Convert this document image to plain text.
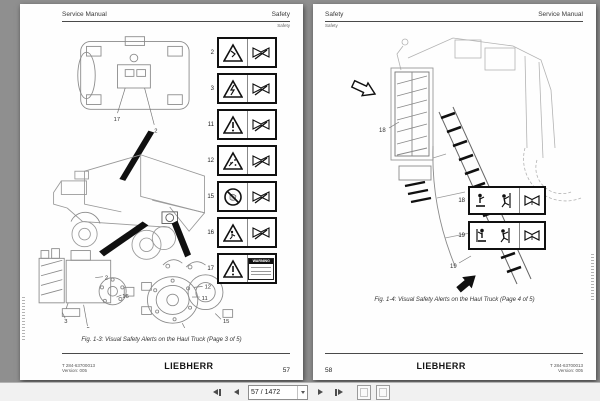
Service Manual	Safety
Safety
17
2
2
16
3
12
11
15
2
3
11
12
15
16
17
WARNING
Fig. 1-3: Visual Safety Alerts on the Haul Truck (Page 3 of 5)
T 284-63700013
Version: 005	LIEBHERR	57
Safety	Service Manual
Safety
18
19
18
19
Fig. 1-4: Visual Safety Alerts on the Haul Truck (Page 4 of 5)
58	LIEBHERR	T 284-63700013
Version: 005
57 / 1472
